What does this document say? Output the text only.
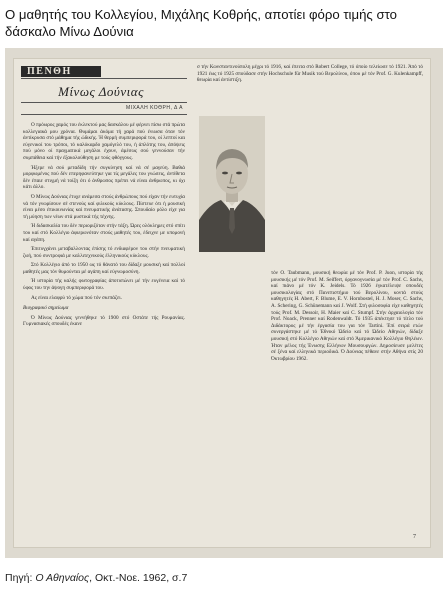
Ο μαθητής του Κολλεγίου, Μιχάλης Κοθρής, αποτίει φόρο τιμής στο δάσκαλο Μίνω Δούνια
ΠΕΝΘΗ
Μίνως Δούνιας
ΜΙΧΑΛΗ ΚΟΘΡΗ, Δ Α

Ο πρόωρος χαμός του έκλεκτού μας δασκάλου μέ φέρνει πίσω στά πρώτα κολλεγιακά μου χρόνια. Θυμάμαι άκόμα τή χαρά πού ένιωσα όταν τόν άντίκρυσα στό μάθημα τής ώδικής. Ή θερμή συμπεριφορά του, οί λεπτοί και εύγενικοί του τρόποι, τό καλόκαρδο χαμόγελό του, ή άπλότης του, άπόψεις πού μόνο οί πραγματικά μεγάλοι έχουν, άμέσως σού γεννούσαν τήν συμπάθεια καί τήν έξακολούθηση με τούς φθόγγους.

Ήξερε νά σού μεταδίδη τήν συγκίνηση καί νά σέ μαγεύη. Βαθιά μορφωμένος πού δέν επερηφανεύτηκε για τίς μεγάλες του γνώσεις, άντίθετα δέν έπαιε στιγμή νά τοίζη ότι ό άνθρωπος πρέπει νά είναι άνθρωπος, κι όχι κάτι άλλο.

Ό Μίνως Δούνιας έτυχε ανάμεσα στούς άνθρώπους πού είχαν τήν ευτυχία νά τόν γνωρίσουν σέ στενούς καί φιλικούς κύκλους. Πίστευε ότι ή μουσική είναι μέσο έπικοινωνίας καί πνευματικής άνάτασης. Σπουδαίο ρόλο είχε για τή μύηση των νέων στά μυστικά τής τέχνης.

Ή διδασκαλία του δέν περιοριζόταν στήν τάξη. Ώρες ολόκληρες στό σπίτι του καί στό Κολλέγιο άφιερωνόταν στούς μαθητές του, έδειχνε με υπομονή καί αγάπη.

Έπιτυγχάνει μεταβαλλοντας έπίσης τό ενδιαφέρον του στήν πνευματική ζωή, πού συντροφιά με καλλιτεχνικούς έλληνικούς κύκλους.

Στό Κολλέγιο άπό το 1950 ως τό θάνατό του δίδαξε μουσική καί πολλοί μαθητές μας τόν θυμούνται μέ αγάπη καί εύγνωμοσύνη.

Ή ιστορία τής καλής φωτογραφίας άποτυπώνει μέ τήν ευγένεια καί τό ύφος του την άψογη συμπεριφορά του.

Ας είναι ελαφρύ τό χώμα πού τόν σκεπάζει.

Βιογραφικό σημείωμα

Ό Μίνως Δούνιας γεννήθηκε τό 1900 στό Οστάτε τής Ρουμανίας. Γυμνασιακές σπουδές έκανε

σ τήν Κωνσταντινούπολη μέχρι τό 1916, καί έπειτα στό Robert College, τό όποίο τελείωσε τό 1921. Άπό τό 1921 έως τό 1925 σπούδασε στήν Hochschule für Musik τού Βερολίνου, όπου μέ τόν Prof. G. Kulenkampff, θεωρία καί άντίστιξη.

τόν O. Taubmann, μουσική θεωρία μέ τόν Prof. P. Juon, ιστορία τής μουσικής μέ τόν Prof. M. Seiffert, όργανογνωσία μέ τόν Prof. C. Sachs, καί πιάνο μέ τόν K. Jeidels. Τό 1926 έγκατέλειψε οπουδές μουσικολογίας στό Πανεπιστήμιο τού Βερολίνου, κοντά στούς καθηγητές H. Abert, F. Blume, E. V. Hornbostel, H. J. Moser, C. Sachs, A. Schering, G. Schünemann καί J. Wolf. Στή φιλοσοφία είχε καθηγητές τούς Prof. M. Dessoir, H. Maier καί C. Stumpf. Στήν άρχαιολογία τόν Prof. Noack, Prenner καί Rodenwaldt. Τό 1935 άπέκτησε τό τίτλο τού Διδάκτορος μέ τήν έργασία του για τόν Tartini. Έπί σειρά ετών συνεργάστηκε μέ τό Έθνικό Ώδείο καί τό Ώδείο Αθηνών, δίδαξε μουσική στό Κολλέγιο Αθηνών καί στό Άμερικανικό Κολλέγιο Θηλέων. Ήταν μέλος τής Ένωσης Ελλήνων Μουσουργών. Δημοσίευσε μελέτες σέ ξένα καί ελληνικά περιοδικά. Ό Δούνιας πέθανε στήν Αθήνα στίς 20 Όκτωβρίου 1962.

7
Πηγή: Ο Αθηναίος, Οκτ.-Νοε. 1962, σ.7
